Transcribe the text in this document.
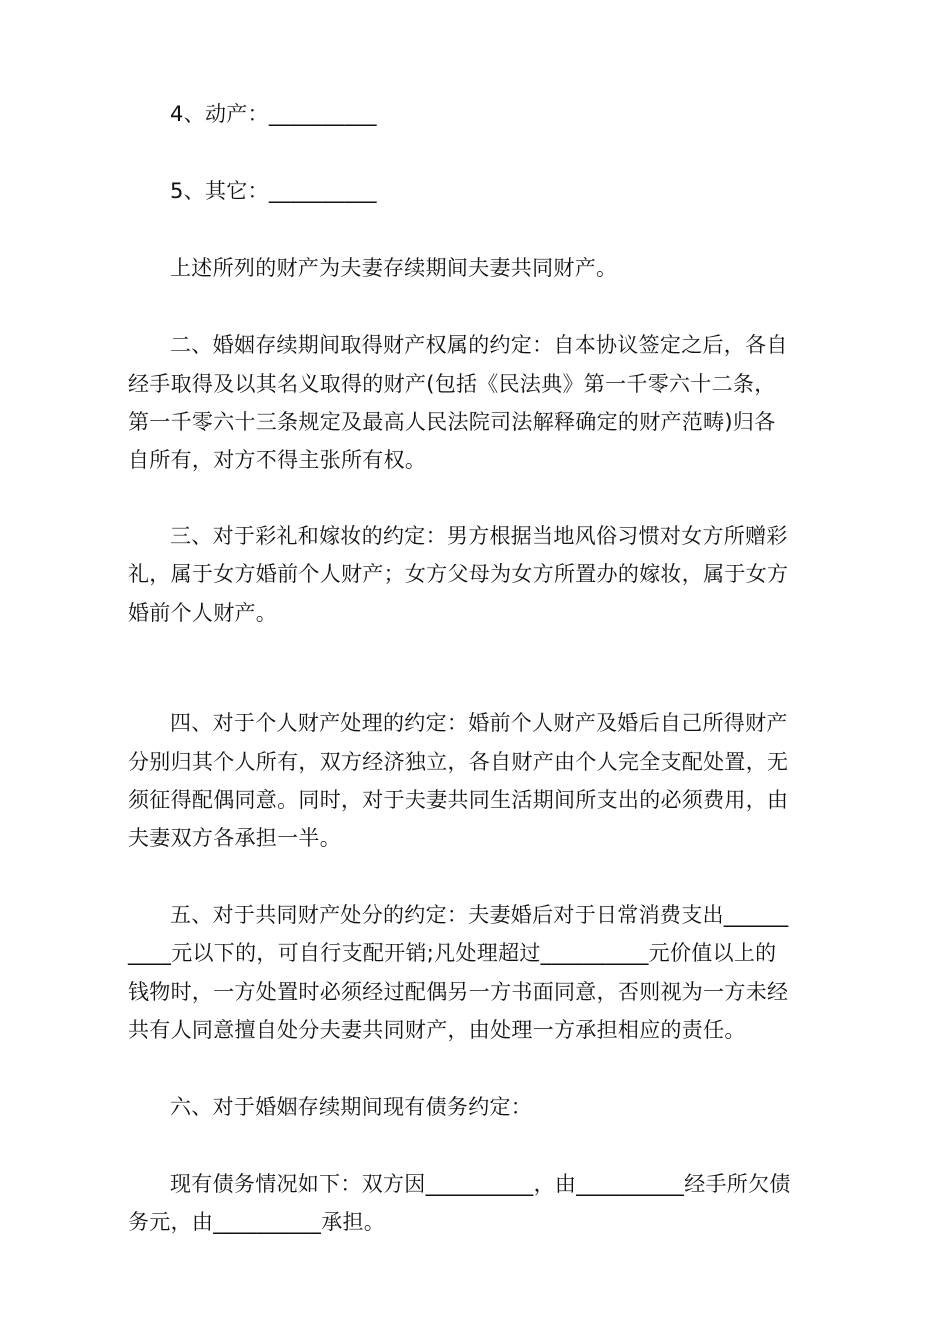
4、动产：__________
5、其它：__________
上述所列的财产为夫妻存续期间夫妻共同财产。
二、婚姻存续期间取得财产权属的约定：自本协议签定之后，各自
经手取得及以其名义取得的财产(包括《民法典》第一千零六十二条，
第一千零六十三条规定及最高人民法院司法解释确定的财产范畴)归各
自所有，对方不得主张所有权。
三、对于彩礼和嫁妆的约定：男方根据当地风俗习惯对女方所赠彩
礼，属于女方婚前个人财产；女方父母为女方所置办的嫁妆，属于女方
婚前个人财产。
四、对于个人财产处理的约定：婚前个人财产及婚后自己所得财产
分别归其个人所有，双方经济独立，各自财产由个人完全支配处置，无
须征得配偶同意。同时，对于夫妻共同生活期间所支出的必须费用，由
夫妻双方各承担一半。
五、对于共同财产处分的约定：夫妻婚后对于日常消费支出______
____元以下的，可自行支配开销;凡处理超过__________元价值以上的
钱物时，一方处置时必须经过配偶另一方书面同意，否则视为一方未经
共有人同意擅自处分夫妻共同财产，由处理一方承担相应的责任。
六、对于婚姻存续期间现有债务约定：
现有债务情况如下：双方因__________，由__________经手所欠债
务元，由__________承担。
